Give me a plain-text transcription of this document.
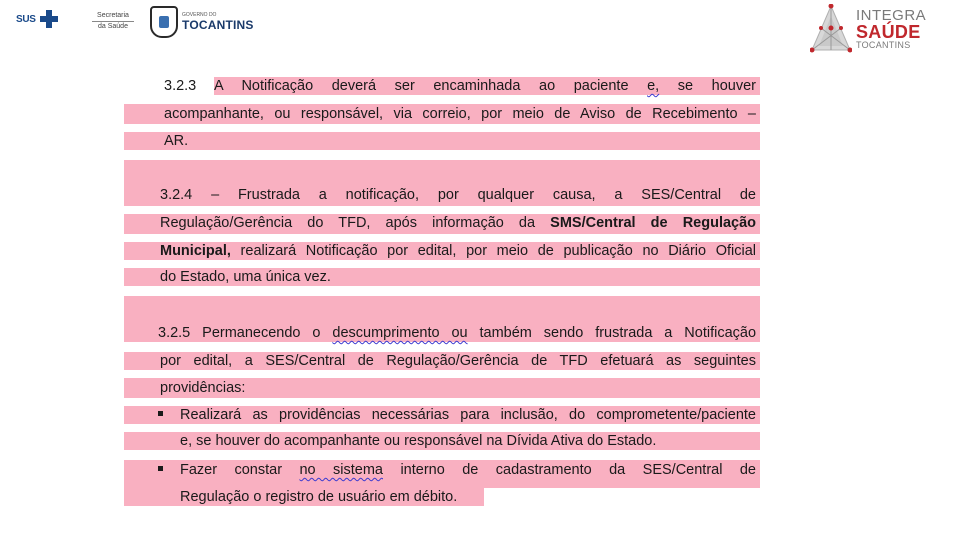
SUS	Secretaria
da Saúde
GOVERNO DO
TOCANTINS
INTEGRA
SAÚDE
TOCANTINS
3.2.3 A Notificação deverá ser encaminhada ao paciente e, se houver
acompanhante, ou responsável, via correio, por meio de Aviso de Recebimento –
AR.
3.2.4 – Frustrada a notificação, por qualquer causa, a SES/Central de
Regulação/Gerência do TFD, após informação da SMS/Central de Regulação
Municipal, realizará Notificação por edital, por meio de publicação no Diário Oficial
do Estado, uma única vez.
3.2.5 Permanecendo o descumprimento ou também sendo frustrada a Notificação
por edital, a SES/Central de Regulação/Gerência de TFD efetuará as seguintes
providências:
Realizará as providências necessárias para inclusão, do comprometente/paciente
e, se houver do acompanhante ou responsável na Dívida Ativa do Estado.
Fazer constar no sistema interno de cadastramento da SES/Central de
Regulação o registro de usuário em débito.
